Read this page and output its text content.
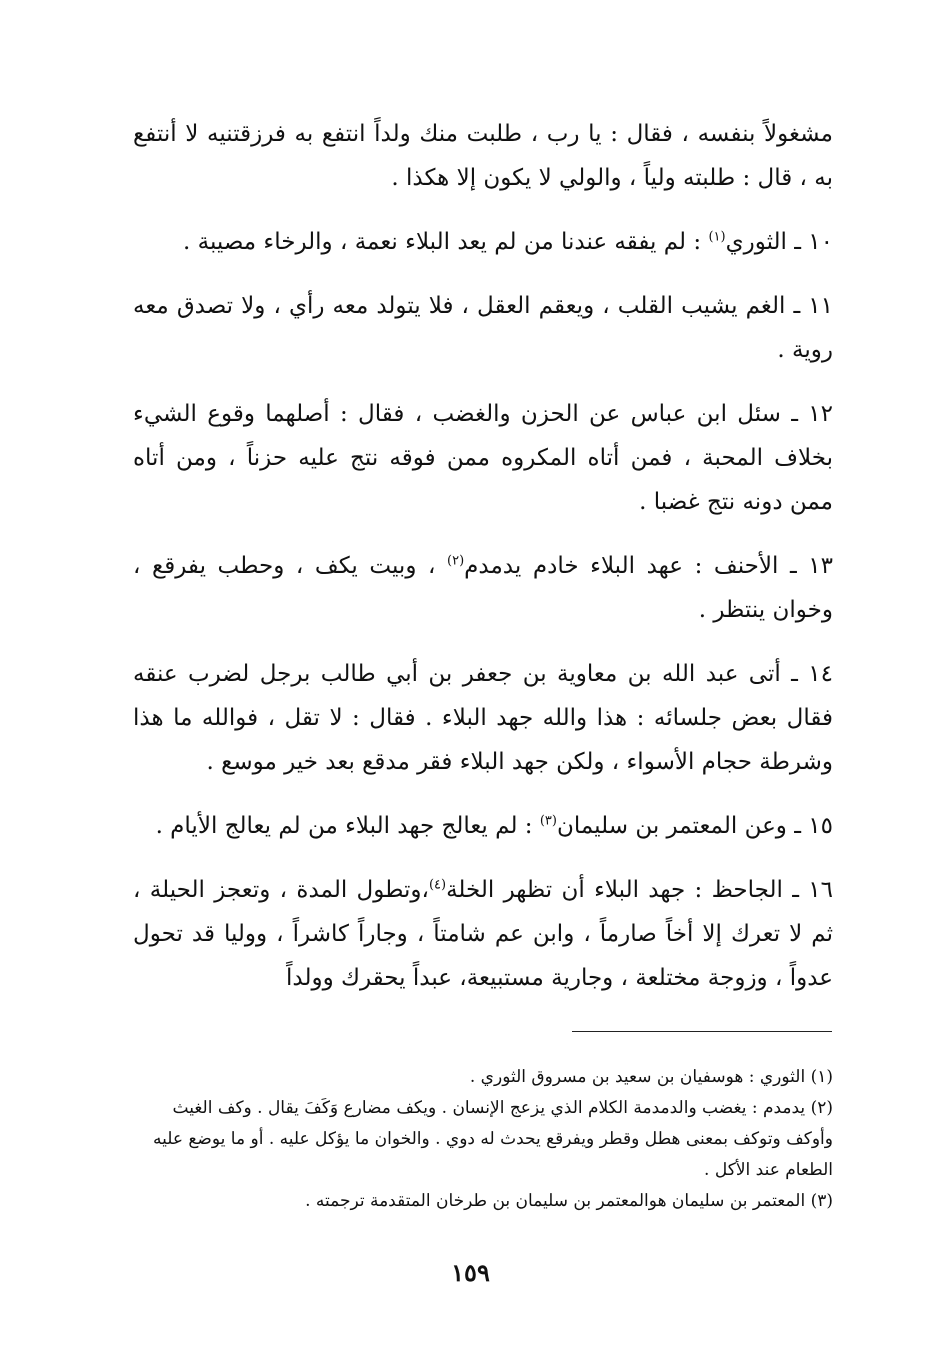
مشغولاً بنفسه ، فقال : يا رب ، طلبت منك ولداً انتفع به فرزقتنيه لا أنتفع به ، قال : طلبته ولياً ، والولي لا يكون إلا هكذا .

١٠ ـ الثوري$^{(١)}$ : لم يفقه عندنا من لم يعد البلاء نعمة ، والرخاء مصيبة .

١١ ـ الغم يشيب القلب ، ويعقم العقل ، فلا يتولد معه رأي ، ولا تصدق معه روية .

١٢ ـ سئل ابن عباس عن الحزن والغضب ، فقال : أصلهما وقوع الشيء بخلاف المحبة ، فمن أتاه المكروه ممن فوقه نتج عليه حزناً ، ومن أتاه ممن دونه نتج غضبا .

١٣ ـ الأحنف : عهد البلاء خادم يدمدم$^{(٢)}$ ، وبيت يكف ، وحطب يفرقع ، وخوان ينتظر .

١٤ ـ أتى عبد الله بن معاوية بن جعفر بن أبي طالب برجل لضرب عنقه فقال بعض جلسائه : هذا والله جهد البلاء . فقال : لا تقل ، فوالله ما هذا وشرطة حجام الأسواء ، ولكن جهد البلاء فقر مدقع بعد خير موسع .

١٥ ـ وعن المعتمر بن سليمان$^{(٣)}$ : لم يعالج جهد البلاء من لم يعالج الأيام .

١٦ ـ الجاحظ : جهد البلاء أن تظهر الخلة$^{(٤)}$،وتطول المدة ، وتعجز الحيلة ، ثم لا تعرك إلا أخاً صارماً ، وابن عم شامتاً ، وجاراً كاشراً ، ووليا قد تحول عدواً ، وزوجة مختلعة ، وجارية مستبيعة، عبداً يحقرك وولداً

(١) الثوري : هوسفيان بن سعيد بن مسروق الثوري .

(٢) يدمدم : يغضب والدمدمة الكلام الذي يزعج الإنسان . ويكف مضارع وَكَفَ يقال . وكف الغيث وأوكف وتوكف بمعنى هطل وقطر ويفرقع يحدث له دوي . والخوان ما يؤكل عليه . أو ما يوضع عليه الطعام عند الأكل .

(٣) المعتمر بن سليمان هوالمعتمر بن سليمان بن طرخان المتقدمة ترجمته .

١٥٩
